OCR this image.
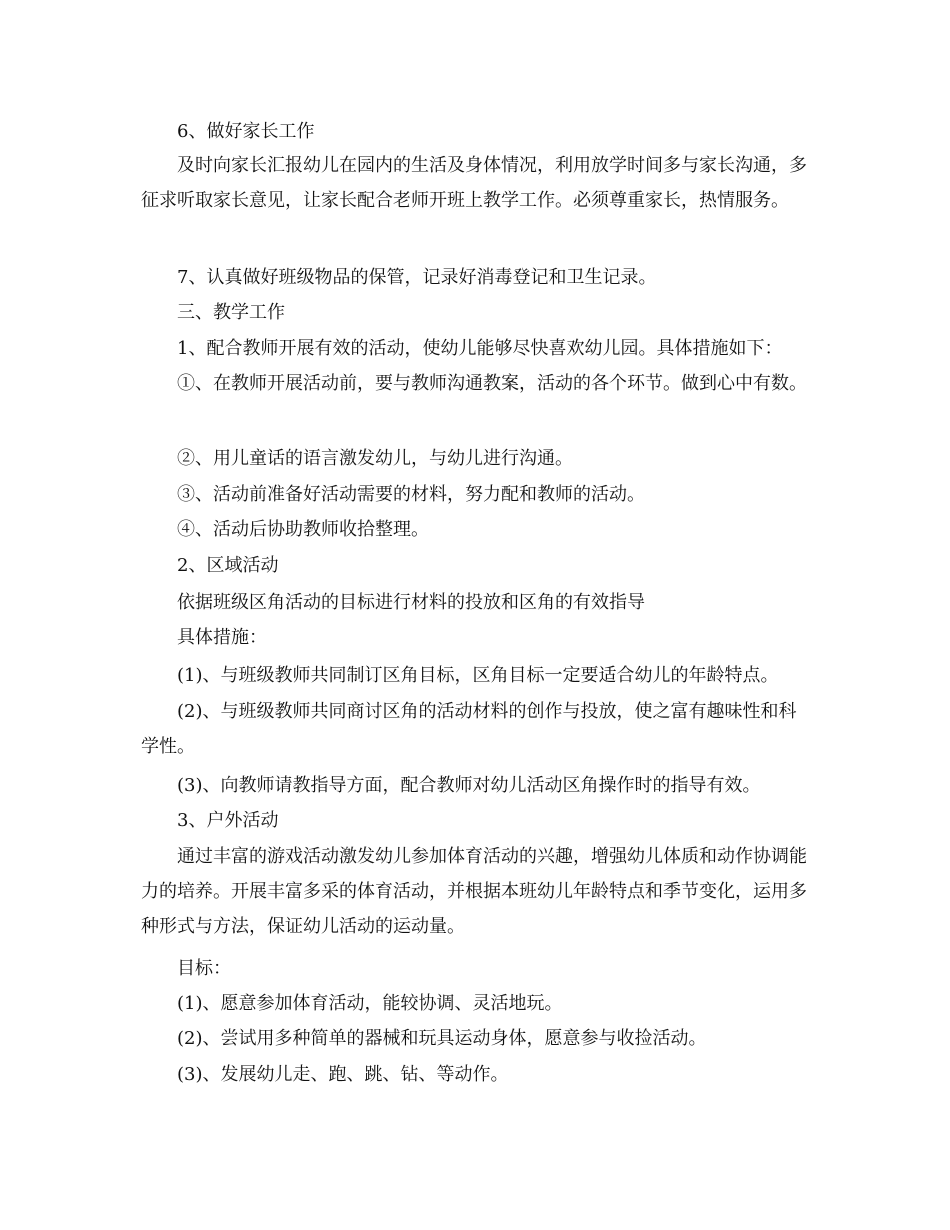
6、做好家长工作

及时向家长汇报幼儿在园内的生活及身体情况，利用放学时间多与家长沟通，多征求听取家长意见，让家长配合老师开班上教学工作。必须尊重家长，热情服务。

7、认真做好班级物品的保管，记录好消毒登记和卫生记录。

三、教学工作

1、配合教师开展有效的活动，使幼儿能够尽快喜欢幼儿园。具体措施如下：

①、在教师开展活动前，要与教师沟通教案，活动的各个环节。做到心中有数。

②、用儿童话的语言激发幼儿，与幼儿进行沟通。

③、活动前准备好活动需要的材料，努力配和教师的活动。

④、活动后协助教师收拾整理。

2、区域活动

依据班级区角活动的目标进行材料的投放和区角的有效指导

具体措施：

(1)、与班级教师共同制订区角目标，区角目标一定要适合幼儿的年龄特点。

(2)、与班级教师共同商讨区角的活动材料的创作与投放，使之富有趣味性和科学性。

(3)、向教师请教指导方面，配合教师对幼儿活动区角操作时的指导有效。

3、户外活动

通过丰富的游戏活动激发幼儿参加体育活动的兴趣，增强幼儿体质和动作协调能力的培养。开展丰富多采的体育活动，并根据本班幼儿年龄特点和季节变化，运用多种形式与方法，保证幼儿活动的运动量。

目标：

(1)、愿意参加体育活动，能较协调、灵活地玩。

(2)、尝试用多种简单的器械和玩具运动身体，愿意参与收捡活动。

(3)、发展幼儿走、跑、跳、钻、等动作。
